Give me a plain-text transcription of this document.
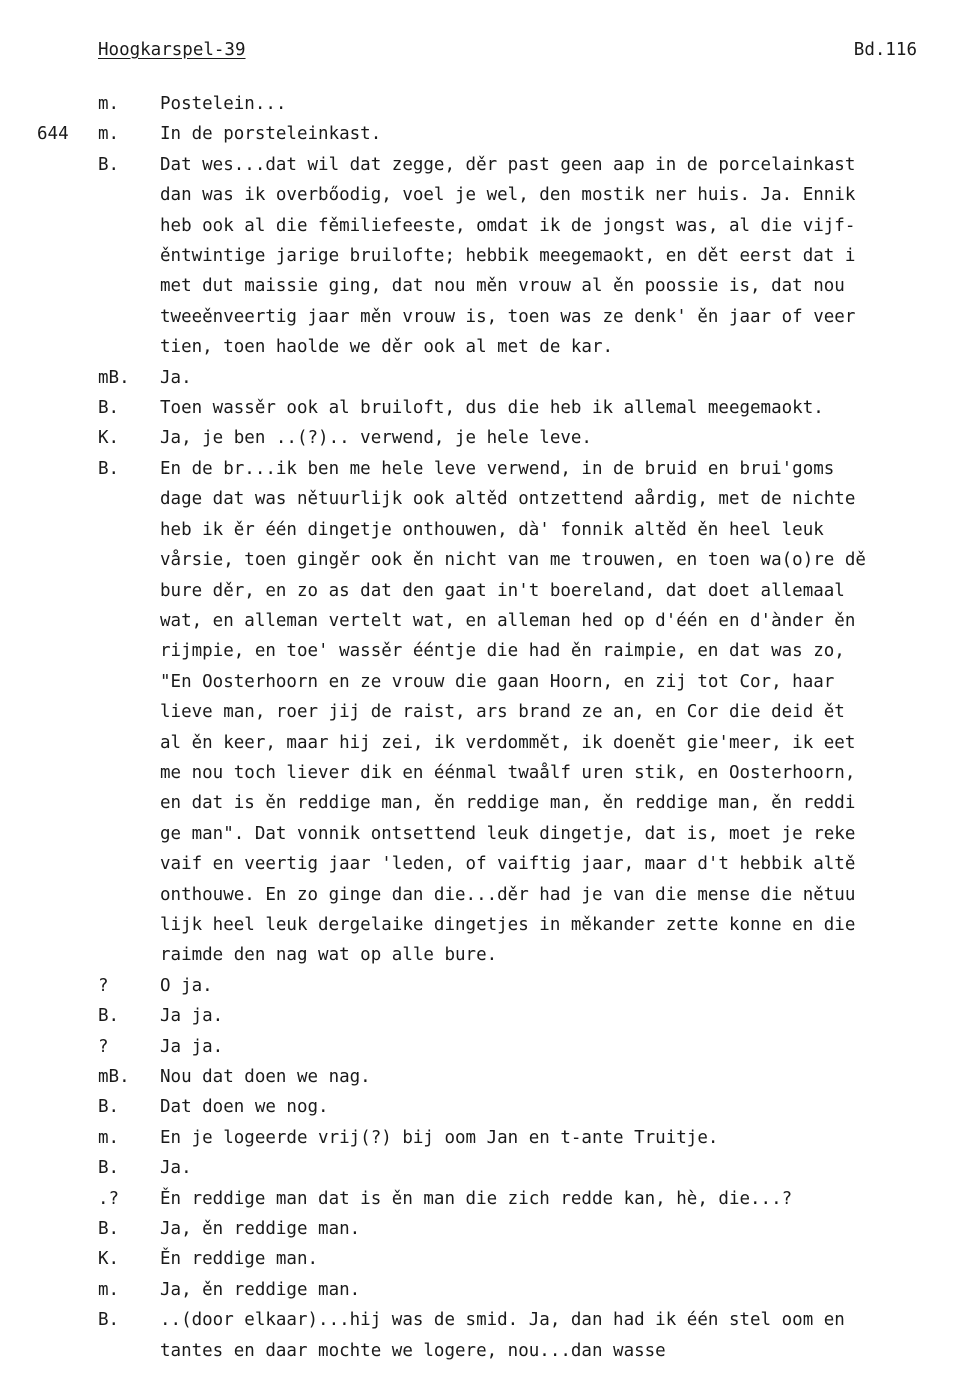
Hoogkarspel-39	Bd.116
m.	Postelein...
644	m.	In de porsteleinkast.
B.	Dat wes...dat wil dat zegge, děr past geen aap in de porcelainkast
dan was ik overbőodig, voel je wel, den mostik ner huis. Ja. Ennik
heb ook al die fěmiliefeeste, omdat ik de jongst was, al die vijf-
ěntwintige jarige bruilofte; hebbik meegemaokt, en dět eerst dat i
met dut maissie ging, dat nou měn vrouw al ěn poossie is, dat nou
tweeěnveertig jaar měn vrouw is, toen was ze denk' ěn jaar of veer
tien, toen haolde we děr ook al met de kar.
mB.	Ja.
B.	Toen wassěr ook al bruiloft, dus die heb ik allemal meegemaokt.
K.	Ja, je ben ..(?).. verwend, je hele leve.
B.	En de br...ik ben me hele leve verwend, in de bruid en brui'goms
dage dat was nětuurlijk ook altěd ontzettend aårdig, met de nichte
heb ik ěr één dingetje onthouwen, dà' fonnik altěd ěn heel leuk
vårsie, toen gingěr ook ěn nicht van me trouwen, en toen wa(o)re dě
bure děr, en zo as dat den gaat in't boereland, dat doet allemaal
wat, en alleman vertelt wat, en alleman hed op d'één en d'ànder ěn
rijmpie, en toe' wassěr ééntje die had ěn raimpie, en dat was zo,
"En Oosterhoorn en ze vrouw die gaan Hoorn, en zij tot Cor, haar
lieve man, roer jij de raist, ars brand ze an, en Cor die deid ět
al ěn keer, maar hij zei, ik verdommět, ik doenět gie'meer, ik eet
me nou toch liever dik en éénmal twaålf uren stik, en Oosterhoorn,
en dat is ěn reddige man, ěn reddige man, ěn reddige man, ěn reddi
ge man". Dat vonnik ontsettend leuk dingetje, dat is, moet je reke
vaif en veertig jaar 'leden, of vaiftig jaar, maar d't hebbik altě
onthouwe. En zo ginge dan die...děr had je van die mense die nětuu
lijk heel leuk dergelaike dingetjes in měkander zette konne en die
raimde den nag wat op alle bure.
?	O ja.
B.	Ja ja.
?	Ja ja.
mB.	Nou dat doen we nag.
B.	Dat doen we nog.
m.	En je logeerde vrij(?) bij oom Jan en t-ante Truitje.
B.	Ja.
.?	Ěn reddige man dat is ěn man die zich redde kan, hè, die...?
B.	Ja, ěn reddige man.
K.	Ěn reddige man.
m.	Ja, ěn reddige man.
B.	..(door elkaar)...hij was de smid. Ja, dan had ik één stel oom en
tantes en daar mochte we logere, nou...dan wasse
